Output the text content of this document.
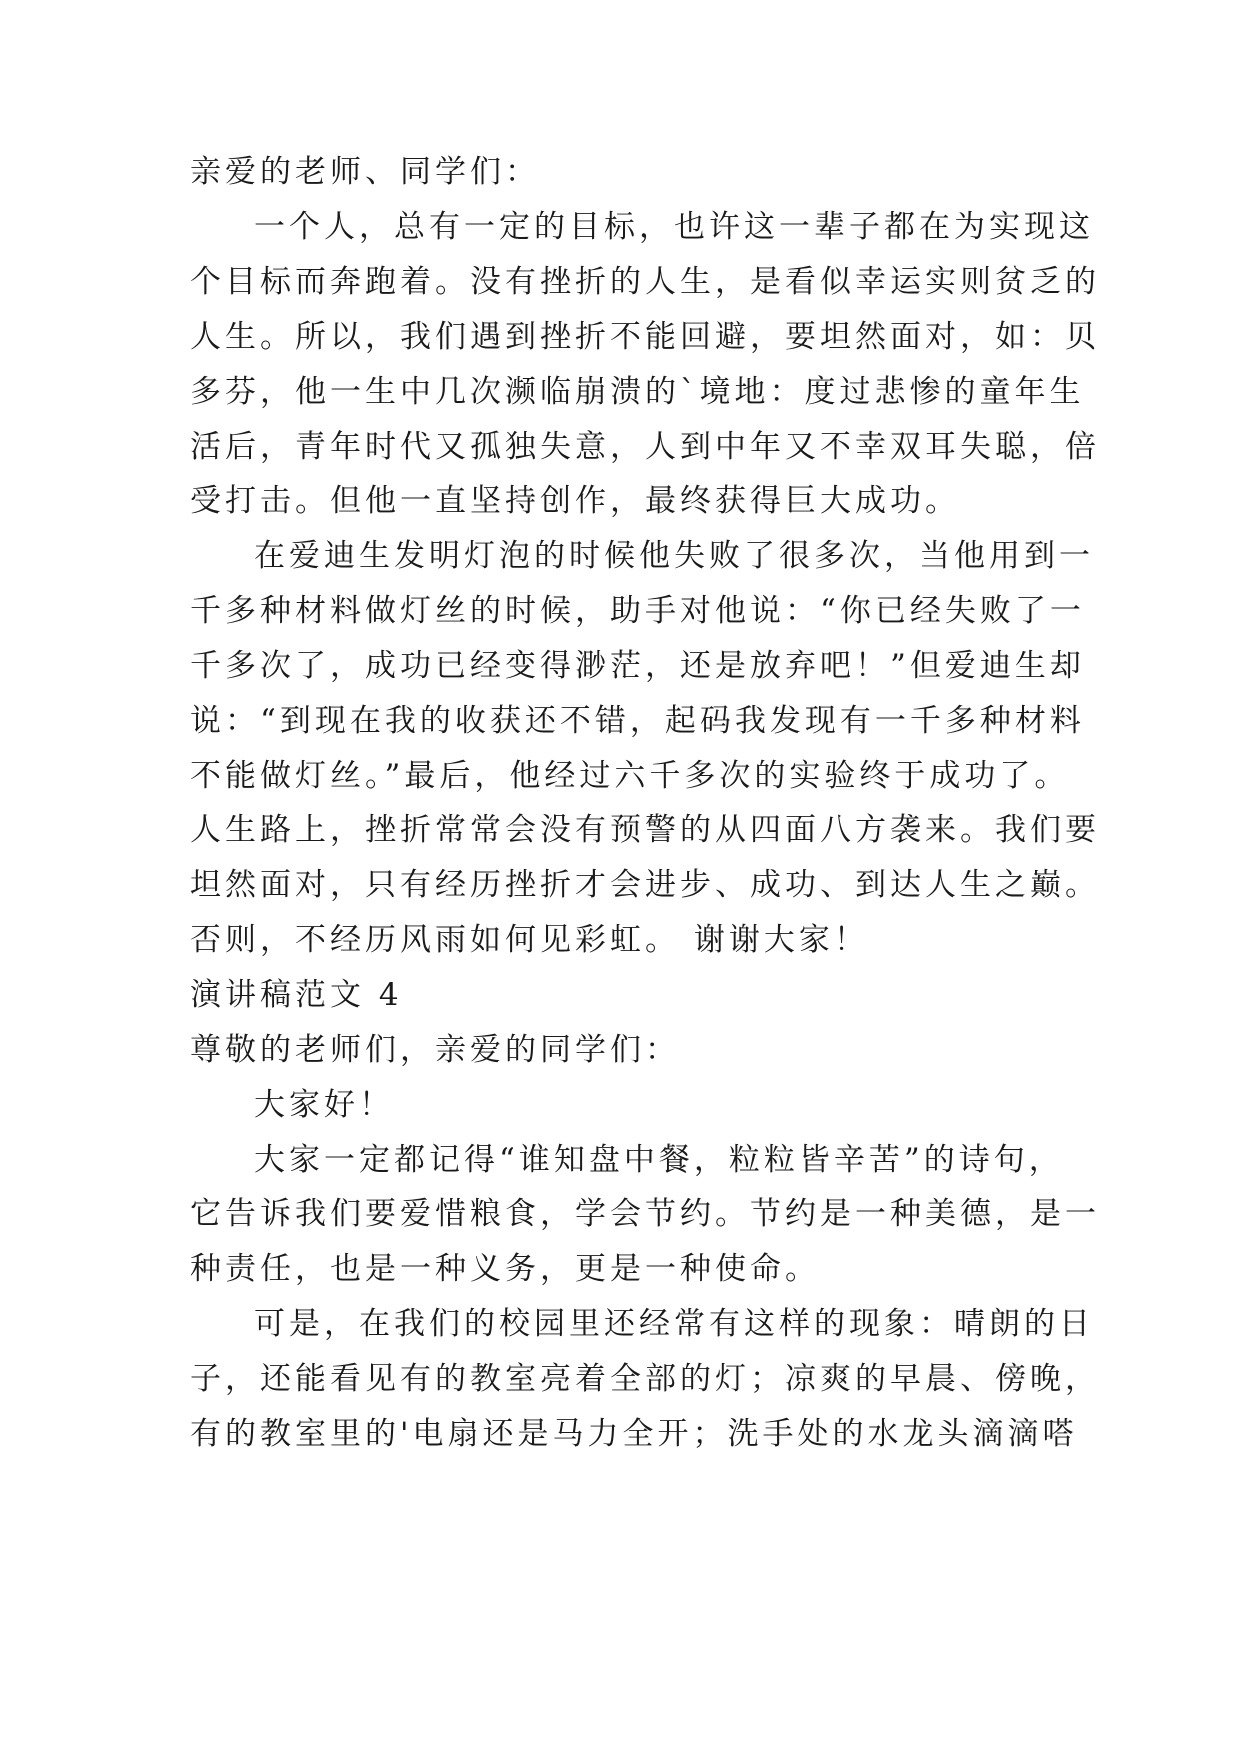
亲爱的老师、同学们：
一个人，总有一定的目标，也许这一辈子都在为实现这
个目标而奔跑着。没有挫折的人生，是看似幸运实则贫乏的
人生。所以，我们遇到挫折不能回避，要坦然面对，如：贝
多芬，他一生中几次濒临崩溃的`境地：度过悲惨的童年生
活后，青年时代又孤独失意，人到中年又不幸双耳失聪，倍
受打击。但他一直坚持创作，最终获得巨大成功。
在爱迪生发明灯泡的时候他失败了很多次，当他用到一
千多种材料做灯丝的时候，助手对他说：“你已经失败了一
千多次了，成功已经变得渺茫，还是放弃吧！”但爱迪生却
说：“到现在我的收获还不错，起码我发现有一千多种材料
不能做灯丝。”最后，他经过六千多次的实验终于成功了。
人生路上，挫折常常会没有预警的从四面八方袭来。我们要
坦然面对，只有经历挫折才会进步、成功、到达人生之巅。
否则，不经历风雨如何见彩虹。 谢谢大家！
演讲稿范文 4
尊敬的老师们，亲爱的同学们：
大家好！
大家一定都记得“谁知盘中餐，粒粒皆辛苦”的诗句，
它告诉我们要爱惜粮食，学会节约。节约是一种美德，是一
种责任，也是一种义务，更是一种使命。
可是，在我们的校园里还经常有这样的现象：晴朗的日
子，还能看见有的教室亮着全部的灯；凉爽的早晨、傍晚，
有的教室里的'电扇还是马力全开；洗手处的水龙头滴滴嗒
